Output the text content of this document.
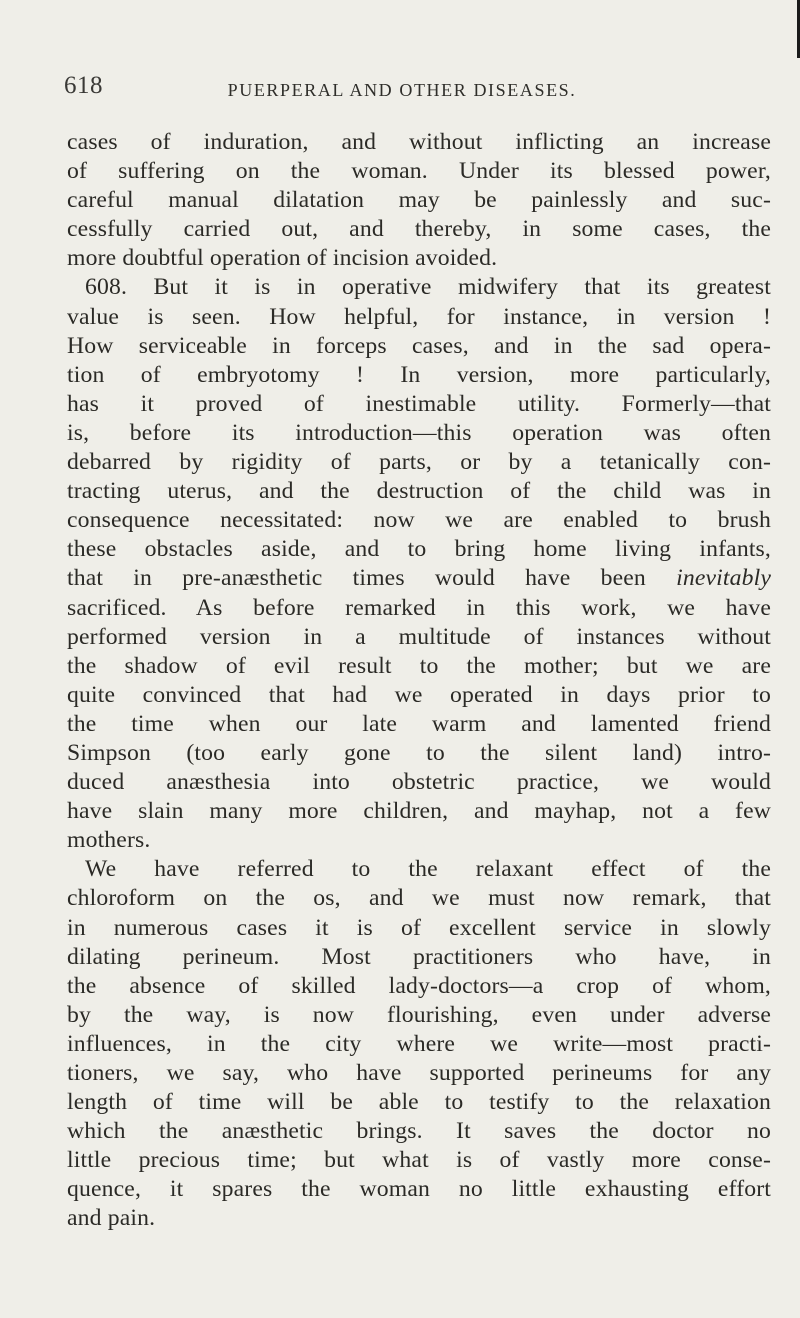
618	PUERPERAL AND OTHER DISEASES.
cases of induration, and without inflicting an increase
of suffering on the woman. Under its blessed power,
careful manual dilatation may be painlessly and suc-
cessfully carried out, and thereby, in some cases, the
more doubtful operation of incision avoided.
608. But it is in operative midwifery that its greatest
value is seen. How helpful, for instance, in version !
How serviceable in forceps cases, and in the sad opera-
tion of embryotomy ! In version, more particularly,
has it proved of inestimable utility. Formerly—that
is, before its introduction—this operation was often
debarred by rigidity of parts, or by a tetanically con-
tracting uterus, and the destruction of the child was in
consequence necessitated: now we are enabled to brush
these obstacles aside, and to bring home living infants,
that in pre-anæsthetic times would have been inevitably
sacrificed. As before remarked in this work, we have
performed version in a multitude of instances without
the shadow of evil result to the mother; but we are
quite convinced that had we operated in days prior to
the time when our late warm and lamented friend
Simpson (too early gone to the silent land) intro-
duced anæsthesia into obstetric practice, we would
have slain many more children, and mayhap, not a few
mothers.
We have referred to the relaxant effect of the
chloroform on the os, and we must now remark, that
in numerous cases it is of excellent service in slowly
dilating perineum. Most practitioners who have, in
the absence of skilled lady-doctors—a crop of whom,
by the way, is now flourishing, even under adverse
influences, in the city where we write—most practi-
tioners, we say, who have supported perineums for any
length of time will be able to testify to the relaxation
which the anæsthetic brings. It saves the doctor no
little precious time; but what is of vastly more conse-
quence, it spares the woman no little exhausting effort
and pain.
